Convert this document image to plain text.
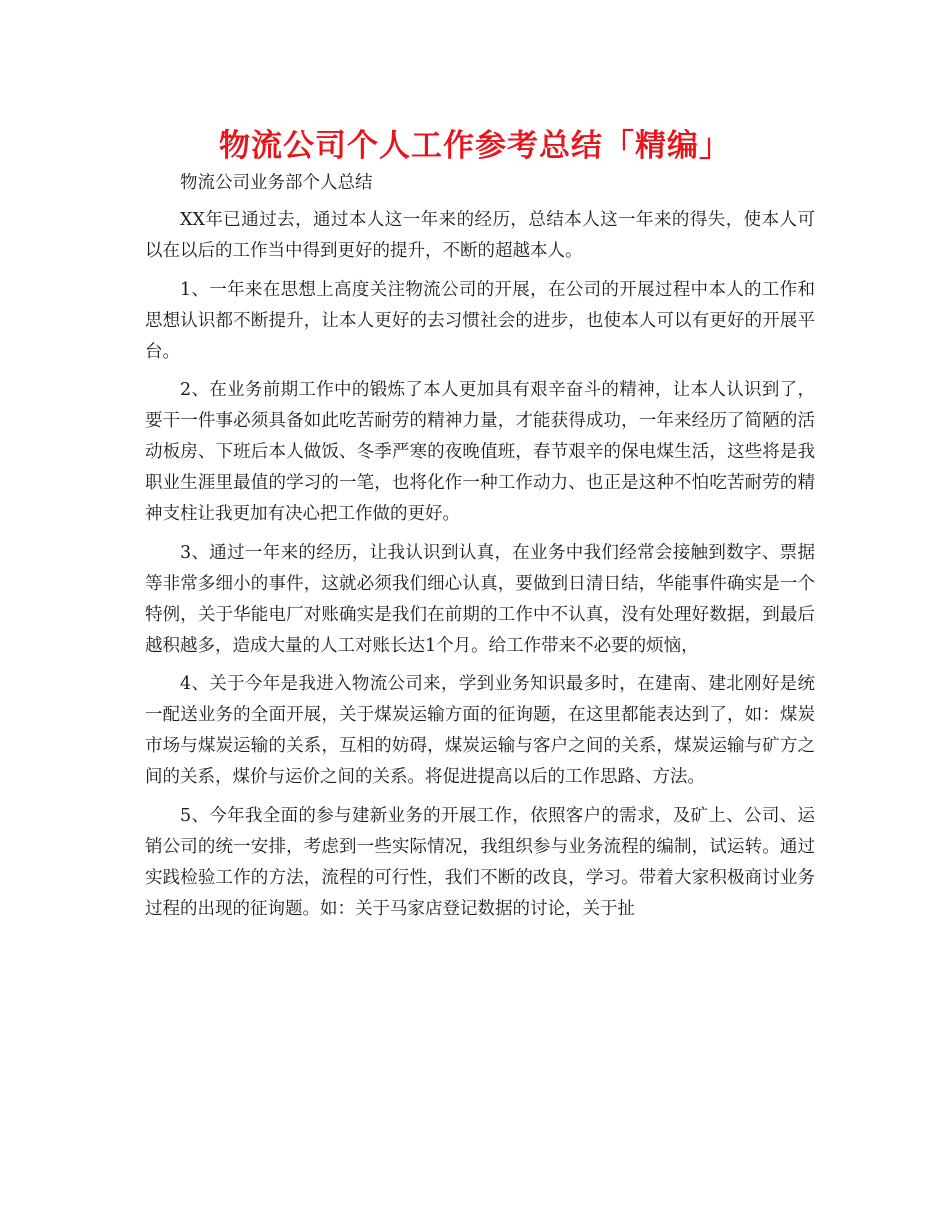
物流公司个人工作参考总结「精编」

物流公司业务部个人总结

XX年已通过去，通过本人这一年来的经历，总结本人这一年来的得失，使本人可以在以后的工作当中得到更好的提升，不断的超越本人。

1、一年来在思想上高度关注物流公司的开展，在公司的开展过程中本人的工作和思想认识都不断提升，让本人更好的去习惯社会的进步，也使本人可以有更好的开展平台。

2、在业务前期工作中的锻炼了本人更加具有艰辛奋斗的精神，让本人认识到了，要干一件事必须具备如此吃苦耐劳的精神力量，才能获得成功，一年来经历了简陋的活动板房、下班后本人做饭、冬季严寒的夜晚值班，春节艰辛的保电煤生活，这些将是我职业生涯里最值的学习的一笔，也将化作一种工作动力、也正是这种不怕吃苦耐劳的精神支柱让我更加有决心把工作做的更好。

3、通过一年来的经历，让我认识到认真，在业务中我们经常会接触到数字、票据等非常多细小的事件，这就必须我们细心认真，要做到日清日结，华能事件确实是一个特例，关于华能电厂对账确实是我们在前期的工作中不认真，没有处理好数据，到最后越积越多，造成大量的人工对账长达1个月。给工作带来不必要的烦恼，

4、关于今年是我进入物流公司来，学到业务知识最多时，在建南、建北刚好是统一配送业务的全面开展，关于煤炭运输方面的征询题，在这里都能表达到了，如：煤炭市场与煤炭运输的关系，互相的妨碍，煤炭运输与客户之间的关系，煤炭运输与矿方之间的关系，煤价与运价之间的关系。将促进提高以后的工作思路、方法。

5、今年我全面的参与建新业务的开展工作，依照客户的需求，及矿上、公司、运销公司的统一安排，考虑到一些实际情况，我组织参与业务流程的编制，试运转。通过实践检验工作的方法，流程的可行性，我们不断的改良，学习。带着大家积极商讨业务过程的出现的征询题。如：关于马家店登记数据的讨论，关于扯
